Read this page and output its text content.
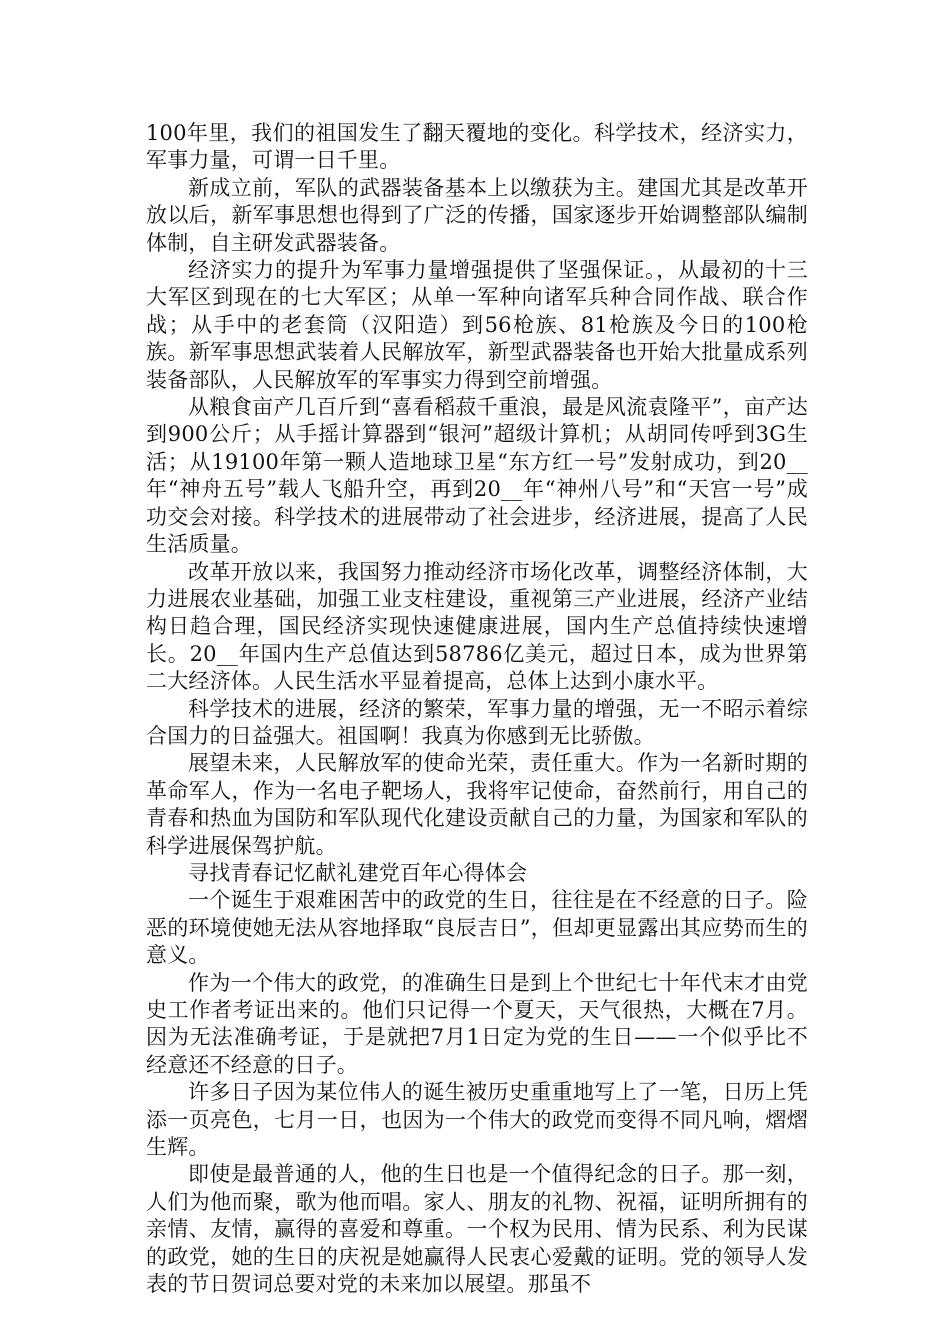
100年里，我们的祖国发生了翻天覆地的变化。科学技术，经济实力，军事力量，可谓一日千里。

新成立前，军队的武器装备基本上以缴获为主。建国尤其是改革开放以后，新军事思想也得到了广泛的传播，国家逐步开始调整部队编制体制，自主研发武器装备。

经济实力的提升为军事力量增强提供了坚强保证。，从最初的十三大军区到现在的七大军区；从单一军种向诸军兵种合同作战、联合作战；从手中的老套筒（汉阳造）到56枪族、81枪族及今日的100枪族。新军事思想武装着人民解放军，新型武器装备也开始大批量成系列装备部队，人民解放军的军事实力得到空前增强。

从粮食亩产几百斤到“喜看稻菽千重浪，最是风流袁隆平”，亩产达到900公斤；从手摇计算器到“银河”超级计算机；从胡同传呼到3G生活；从19100年第一颗人造地球卫星“东方红一号”发射成功，到20__年“神舟五号”载人飞船升空，再到20__年“神州八号”和“天宫一号”成功交会对接。科学技术的进展带动了社会进步，经济进展，提高了人民生活质量。

改革开放以来，我国努力推动经济市场化改革，调整经济体制，大力进展农业基础，加强工业支柱建设，重视第三产业进展，经济产业结构日趋合理，国民经济实现快速健康进展，国内生产总值持续快速增长。20__年国内生产总值达到58786亿美元，超过日本，成为世界第二大经济体。人民生活水平显着提高，总体上达到小康水平。

科学技术的进展，经济的繁荣，军事力量的增强，无一不昭示着综合国力的日益强大。祖国啊！我真为你感到无比骄傲。

展望未来，人民解放军的使命光荣，责任重大。作为一名新时期的革命军人，作为一名电子靶场人，我将牢记使命，奋然前行，用自己的青春和热血为国防和军队现代化建设贡献自己的力量，为国家和军队的科学进展保驾护航。

寻找青春记忆献礼建党百年心得体会

一个诞生于艰难困苦中的政党的生日，往往是在不经意的日子。险恶的环境使她无法从容地择取“良辰吉日”，但却更显露出其应势而生的意义。

作为一个伟大的政党，的准确生日是到上个世纪七十年代末才由党史工作者考证出来的。他们只记得一个夏天，天气很热，大概在7月。因为无法准确考证，于是就把7月1日定为党的生日——一个似乎比不经意还不经意的日子。

许多日子因为某位伟人的诞生被历史重重地写上了一笔，日历上凭添一页亮色，七月一日，也因为一个伟大的政党而变得不同凡响，熠熠生辉。

即使是最普通的人，他的生日也是一个值得纪念的日子。那一刻，人们为他而聚，歌为他而唱。家人、朋友的礼物、祝福，证明所拥有的亲情、友情，赢得的喜爱和尊重。一个权为民用、情为民系、利为民谋的政党，她的生日的庆祝是她赢得人民衷心爱戴的证明。党的领导人发表的节日贺词总要对党的未来加以展望。那虽不
